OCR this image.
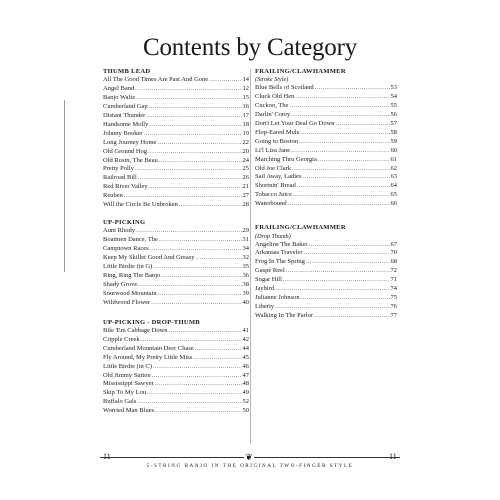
Contents by Category
THUMB LEAD
All The Good Times Are Past And Gone . . .	14
Angel Band . . .	12
Banjo Waltz . . .	15
Cumberland Gap . . .	16
Distant Thunder . . .	17
Handsome Molly . . .	18
Johnny Booker . . .	19
Long Journey Home . . .	22
Old Ground Hog . . .	20
Old Rosin, The Beau . . .	24
Pretty Polly . . .	25
Railroad Bill . . .	26
Red River Valley . . .	21
Reuben . . .	27
Will the Circle Be Unbroken . . .	28
UP-PICKING
Aunt Rhody . . .	29
Boatmen Dance, The . . .	31
Camptown Races . . .	34
Keep My Skillet Good And Greasy . . .	32
Little Birdie (in G) . . .	35
Ring, Ring The Banjo . . .	36
Shady Grove . . .	38
Sourwood Mountain . . .	39
Wildwood Flower . . .	40
UP-PICKING - DROP-THUMB
Bile 'Em Cabbage Down . . .	41
Cripple Creek . . .	42
Cumberland Mountain Deer Chase . . .	44
Fly Around, My Pretty Little Miss . . .	45
Little Birdie (in C) . . .	46
Old Jimmy Sutton . . .	47
Mississippi Sawyer . . .	48
Skip To My Lou . . .	49
Buffalo Gals . . .	52
Worried Man Blues . . .	50
FRAILING/CLAWHAMMER
(Stroke Style)
Blue Bells of Scotland . . .	53
Cluck Old Hen . . .	54
Cuckoo, The . . .	55
Darlin' Corey . . .	56
Don't Let Your Deal Go Down . . .	57
Flop-Eared Mule . . .	58
Going to Boston . . .	59
Li'l Liza Jane . . .	60
Marching Thru Georgia . . .	61
Old Joe Clark . . .	62
Sail Away, Ladies . . .	63
Shortnin' Bread . . .	64
Tobacco Juice . . .	65
Waterbound . . .	66
FRAILING/CLAWHAMMER
(Drop Thumb)
Angeline The Baker . . .	67
Arkansas Traveler . . .	70
Frog In The Spring . . .	68
Gaspé Reel . . .	72
Sugar Hill . . .	71
Jaybird . . .	74
Julianne Johnson . . .	75
Liberty . . .	76
Walking In The Parlor . . .	77
❦
11	11
5-STRING BANJO IN THE ORIGINAL TWO-FINGER STYLE
